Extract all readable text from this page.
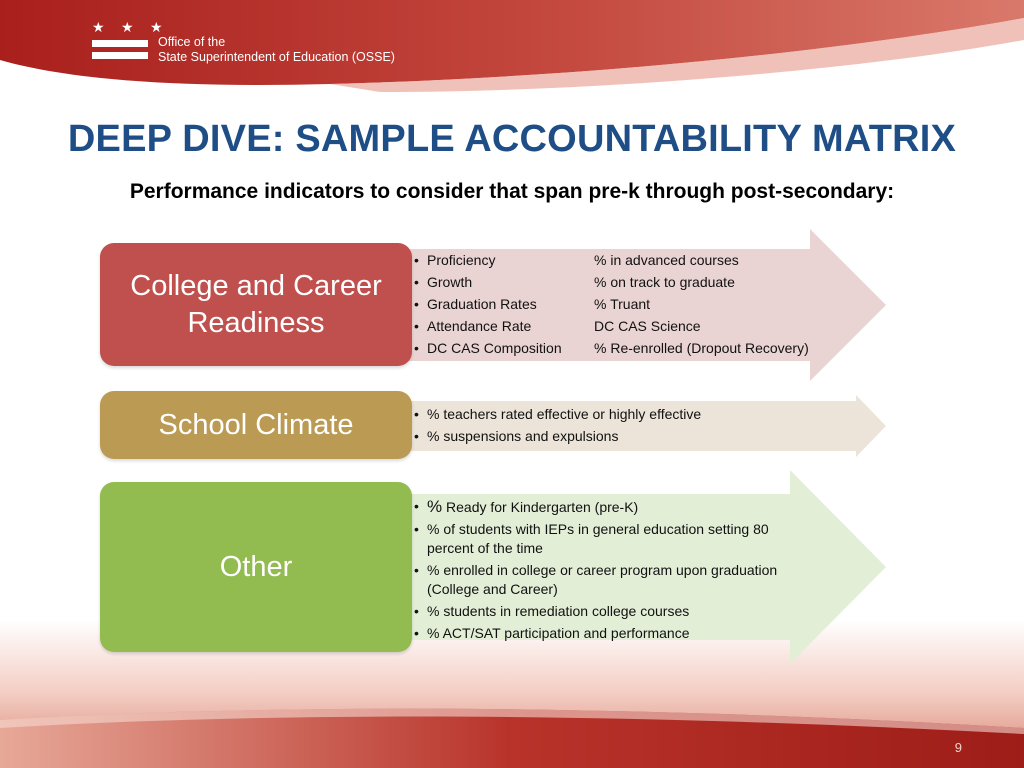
★ ★ ★
Office of the
State Superintendent of Education (OSSE)
9
DEEP DIVE: SAMPLE ACCOUNTABILITY MATRIX
Performance indicators to consider that span pre-k through post-secondary:
College and Career Readiness
School Climate
Other
• Proficiency
• Growth
• Graduation Rates
• Attendance Rate
• DC CAS Composition
% in advanced courses
% on track to graduate
% Truant
DC CAS Science
% Re-enrolled (Dropout Recovery)
• % teachers rated effective or highly effective
• % suspensions and expulsions
• % Ready for Kindergarten (pre-K)
• % of students with IEPs in general education setting 80 percent of the time
• % enrolled in college or career program upon graduation (College and Career)
• % students in remediation college courses
• % ACT/SAT participation and performance
